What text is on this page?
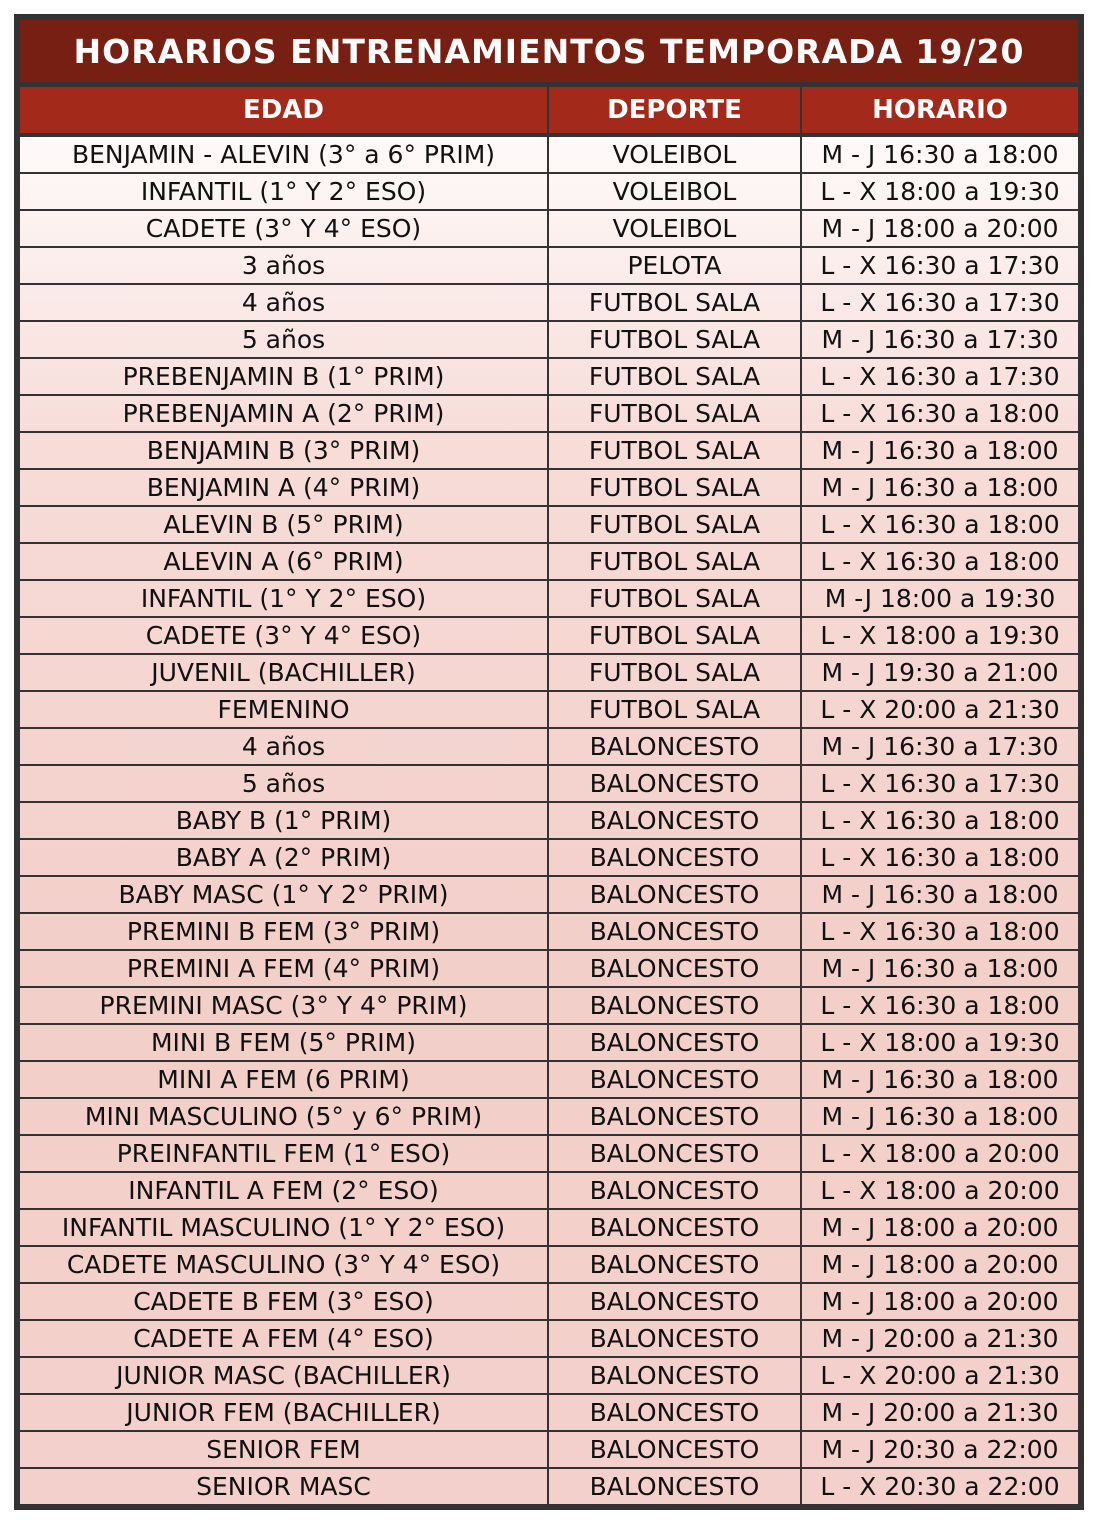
HORARIOS ENTRENAMIENTOS TEMPORADA 19/20
EDAD	DEPORTE	HORARIO
BENJAMIN - ALEVIN (3° a 6° PRIM)	VOLEIBOL	M - J 16:30 a 18:00
INFANTIL (1° Y 2° ESO)	VOLEIBOL	L - X 18:00 a 19:30
CADETE (3° Y 4° ESO)	VOLEIBOL	M - J 18:00 a 20:00
3 años	PELOTA	L - X 16:30 a 17:30
4 años	FUTBOL SALA	L - X 16:30 a 17:30
5 años	FUTBOL SALA	M - J 16:30 a 17:30
PREBENJAMIN B (1° PRIM)	FUTBOL SALA	L - X 16:30 a 17:30
PREBENJAMIN A (2° PRIM)	FUTBOL SALA	L - X 16:30 a 18:00
BENJAMIN B (3° PRIM)	FUTBOL SALA	M - J 16:30 a 18:00
BENJAMIN A (4° PRIM)	FUTBOL SALA	M - J 16:30 a 18:00
ALEVIN B (5° PRIM)	FUTBOL SALA	L - X 16:30 a 18:00
ALEVIN A (6° PRIM)	FUTBOL SALA	L - X 16:30 a 18:00
INFANTIL (1° Y 2° ESO)	FUTBOL SALA	M -J 18:00 a 19:30
CADETE (3° Y 4° ESO)	FUTBOL SALA	L - X 18:00 a 19:30
JUVENIL (BACHILLER)	FUTBOL SALA	M - J 19:30 a 21:00
FEMENINO	FUTBOL SALA	L - X 20:00 a 21:30
4 años	BALONCESTO	M - J 16:30 a 17:30
5 años	BALONCESTO	L - X 16:30 a 17:30
BABY B (1° PRIM)	BALONCESTO	L - X 16:30 a 18:00
BABY A (2° PRIM)	BALONCESTO	L - X 16:30 a 18:00
BABY MASC (1° Y 2° PRIM)	BALONCESTO	M - J 16:30 a 18:00
PREMINI B FEM (3° PRIM)	BALONCESTO	L - X 16:30 a 18:00
PREMINI A FEM (4° PRIM)	BALONCESTO	M - J 16:30 a 18:00
PREMINI MASC (3° Y 4° PRIM)	BALONCESTO	L - X 16:30 a 18:00
MINI B FEM (5° PRIM)	BALONCESTO	L - X 18:00 a 19:30
MINI A FEM (6 PRIM)	BALONCESTO	M - J 16:30 a 18:00
MINI MASCULINO (5° y 6° PRIM)	BALONCESTO	M - J 16:30 a 18:00
PREINFANTIL FEM (1° ESO)	BALONCESTO	L - X 18:00 a 20:00
INFANTIL A FEM (2° ESO)	BALONCESTO	L - X 18:00 a 20:00
INFANTIL MASCULINO (1° Y 2° ESO)	BALONCESTO	M - J 18:00 a 20:00
CADETE MASCULINO (3° Y 4° ESO)	BALONCESTO	M - J 18:00 a 20:00
CADETE B FEM (3° ESO)	BALONCESTO	M - J 18:00 a 20:00
CADETE A FEM (4° ESO)	BALONCESTO	M - J 20:00 a 21:30
JUNIOR MASC (BACHILLER)	BALONCESTO	L - X 20:00 a 21:30
JUNIOR FEM (BACHILLER)	BALONCESTO	M - J 20:00 a 21:30
SENIOR FEM	BALONCESTO	M - J 20:30 a 22:00
SENIOR MASC	BALONCESTO	L - X 20:30 a 22:00
